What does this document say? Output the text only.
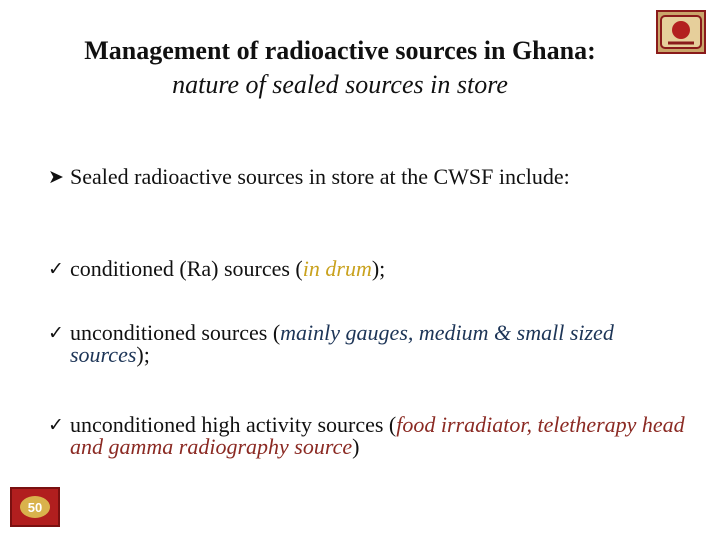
Management of radioactive sources in Ghana:
nature of sealed sources in store
➤ Sealed radioactive sources in store at the CWSF include:
✓ conditioned (Ra) sources (in drum);
✓ unconditioned sources (mainly gauges, medium & small sized sources);
✓ unconditioned high activity sources (food irradiator, teletherapy head and gamma radiography source)
50
